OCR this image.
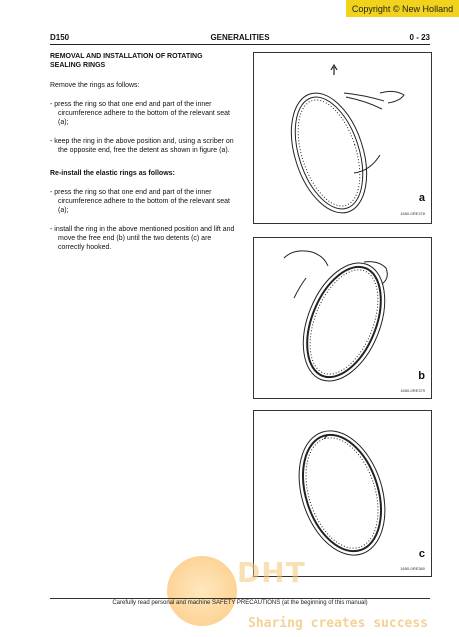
Copyright © New Holland
D150	GENERALITIES	0 - 23

REMOVAL AND INSTALLATION OF ROTATING SEALING RINGS

Remove the rings as follows:

- press the ring so that one end and part of the inner circumference adhere to the bottom of the relevant seat (a);

- keep the ring in the above position and, using a scriber on the opposite end, free the detent as shown in figure (a).

Re-install the elastic rings as follows:

- press the ring so that one end and part of the inner circumference adhere to the bottom of the relevant seat (a);

- install the ring in the above mentioned position and lift and move the free end (b) until the two detents (c) are correctly hooked.

a
1650-0RE378
b
1650-0RE379
c
1650-0RE380
DHT
Carefully read personal and machine SAFETY PRECAUTIONS (at the beginning of this manual)
Sharing creates success
